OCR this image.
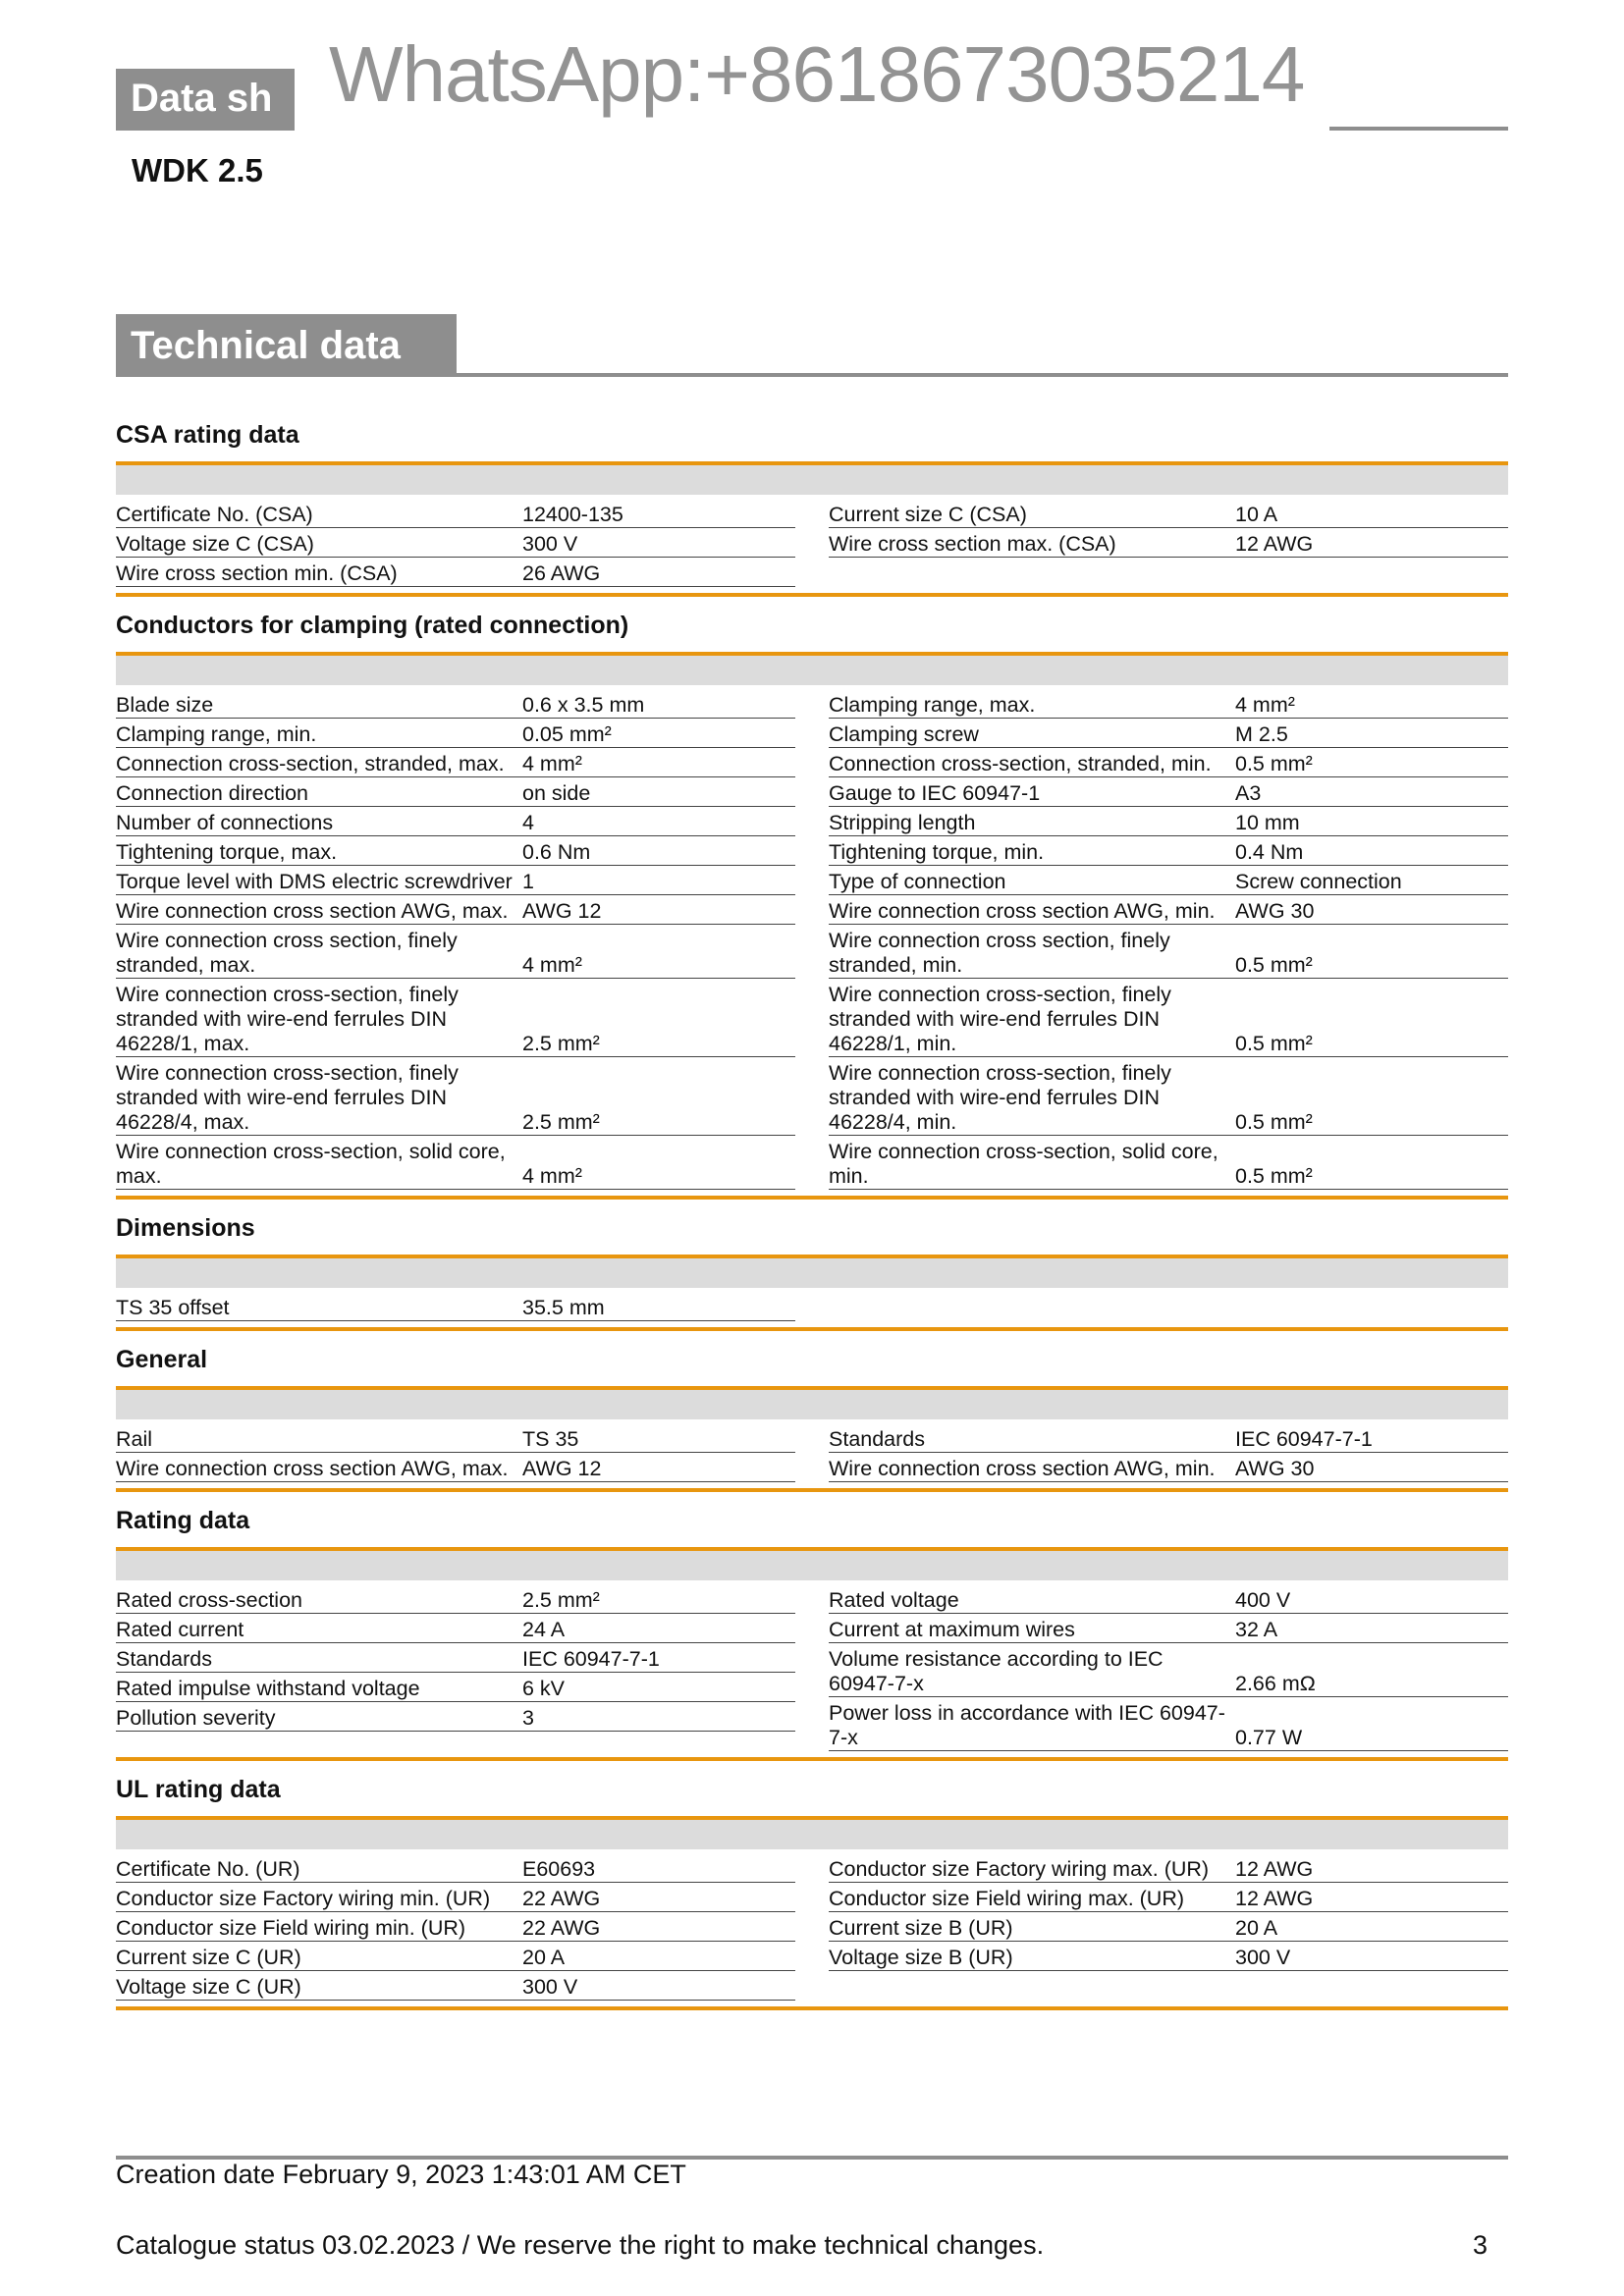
Data sh WhatsApp:+8618673035214
WDK 2.5
Technical data
CSA rating data
Certificate No. (CSA)	12400-135
Voltage size C (CSA)	300 V
Wire cross section min. (CSA)	26 AWG
Current size C (CSA)	10 A
Wire cross section max. (CSA)	12 AWG
Conductors for clamping (rated connection)
Blade size	0.6 x 3.5 mm
Clamping range, min.	0.05 mm²
Connection cross-section, stranded, max. 4 mm²
Connection direction	on side
Number of connections	4
Tightening torque, max.	0.6 Nm
Torque level with DMS electric screwdriver 1
Wire connection cross section AWG, max. AWG 12
Wire connection cross section, finely stranded, max.	4 mm²
Wire connection cross-section, finely stranded with wire-end ferrules DIN 46228/1, max.	2.5 mm²
Wire connection cross-section, finely stranded with wire-end ferrules DIN 46228/4, max.	2.5 mm²
Wire connection cross-section, solid core, max.	4 mm²
Clamping range, max.	4 mm²
Clamping screw	M 2.5
Connection cross-section, stranded, min.	0.5 mm²
Gauge to IEC 60947-1	A3
Stripping length	10 mm
Tightening torque, min.	0.4 Nm
Type of connection	Screw connection
Wire connection cross section AWG, min. AWG 30
Wire connection cross section, finely stranded, min.	0.5 mm²
Wire connection cross-section, finely stranded with wire-end ferrules DIN 46228/1, min.	0.5 mm²
Wire connection cross-section, finely stranded with wire-end ferrules DIN 46228/4, min.	0.5 mm²
Wire connection cross-section, solid core, min.	0.5 mm²
Dimensions
TS 35 offset	35.5 mm
General
Rail	TS 35
Wire connection cross section AWG, max. AWG 12
Standards	IEC 60947-7-1
Wire connection cross section AWG, min. AWG 30
Rating data
Rated cross-section	2.5 mm²
Rated current	24 A
Standards	IEC 60947-7-1
Rated impulse withstand voltage	6 kV
Pollution severity	3
Rated voltage	400 V
Current at maximum wires	32 A
Volume resistance according to IEC 60947-7-x	2.66 mΩ
Power loss in accordance with IEC 60947-7-x	0.77 W
UL rating data
Certificate No. (UR)	E60693
Conductor size Factory wiring min. (UR)	22 AWG
Conductor size Field wiring min. (UR)	22 AWG
Current size C (UR)	20 A
Voltage size C (UR)	300 V
Conductor size Factory wiring max. (UR)	12 AWG
Conductor size Field wiring max. (UR)	12 AWG
Current size B (UR)	20 A
Voltage size B (UR)	300 V
Creation date February 9, 2023 1:43:01 AM CET
Catalogue status 03.02.2023 / We reserve the right to make technical changes.	3
